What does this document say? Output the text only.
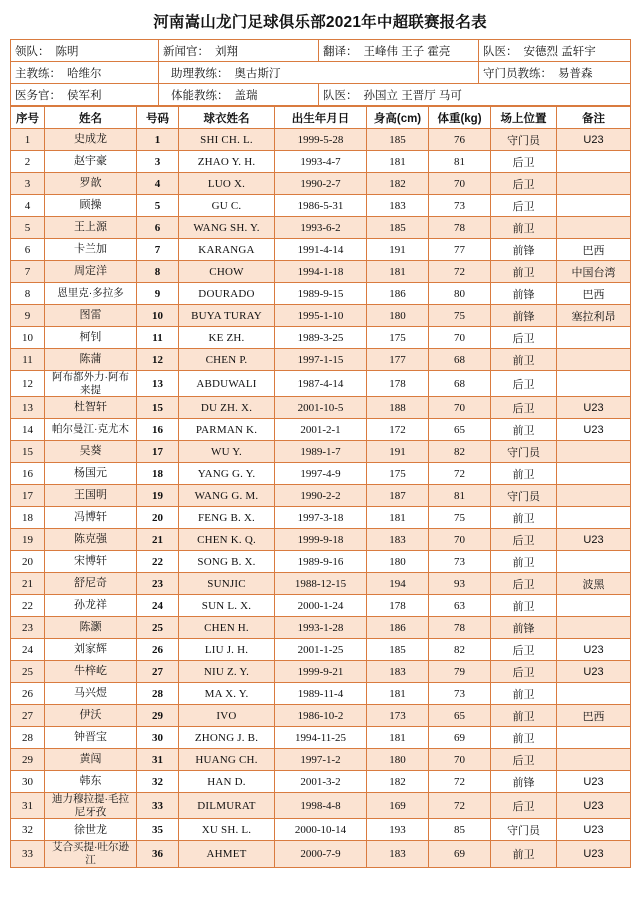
河南嵩山龙门足球俱乐部2021年中超联赛报名表
领队： 陈明	新闻官： 刘翔	翻译： 王峰伟 王子 霍亮	队医： 安德烈 孟轩宇
主教练： 哈维尔	助理教练： 奥古斯汀		守门员教练： 易普森
医务官： 侯军利	体能教练： 盖瑞	队医： 孙国立 王晋厅 马可	
序号	姓名	号码	球衣姓名	出生年月日	身高(cm)	体重(kg)	场上位置	备注
1	史成龙	1	SHI CH. L.	1999-5-28	185	76	守门员	U23
2	赵宇豪	3	ZHAO Y. H.	1993-4-7	181	81	后卫	
3	罗歆	4	LUO X.	1990-2-7	182	70	后卫	
4	顾操	5	GU C.	1986-5-31	183	73	后卫	
5	王上源	6	WANG SH. Y.	1993-6-2	185	78	前卫	
6	卡兰加	7	KARANGA	1991-4-14	191	77	前锋	巴西
7	周定洋	8	CHOW	1994-1-18	181	72	前卫	中国台湾
8	恩里克·多拉多	9	DOURADO	1989-9-15	186	80	前锋	巴西
9	图雷	10	BUYA TURAY	1995-1-10	180	75	前锋	塞拉利昂
10	柯钊	11	KE ZH.	1989-3-25	175	70	后卫	
11	陈蒲	12	CHEN P.	1997-1-15	177	68	前卫	
12	阿布都外力·阿布来提	13	ABDUWALI	1987-4-14	178	68	后卫	
13	杜智轩	15	DU ZH. X.	2001-10-5	188	70	后卫	U23
14	帕尔曼江·克尤木	16	PARMAN K.	2001-2-1	172	65	前卫	U23
15	吴葵	17	WU Y.	1989-1-7	191	82	守门员	
16	杨国元	18	YANG G. Y.	1997-4-9	175	72	前卫	
17	王国明	19	WANG G. M.	1990-2-2	187	81	守门员	
18	冯博轩	20	FENG B. X.	1997-3-18	181	75	前卫	
19	陈克强	21	CHEN K. Q.	1999-9-18	183	70	后卫	U23
20	宋博轩	22	SONG B. X.	1989-9-16	180	73	前卫	
21	舒尼奇	23	SUNJIC	1988-12-15	194	93	后卫	波黑
22	孙龙祥	24	SUN L. X.	2000-1-24	178	63	前卫	
23	陈灏	25	CHEN H.	1993-1-28	186	78	前锋	
24	刘家辉	26	LIU J. H.	2001-1-25	185	82	后卫	U23
25	牛梓屹	27	NIU Z. Y.	1999-9-21	183	79	后卫	U23
26	马兴煜	28	MA X. Y.	1989-11-4	181	73	前卫	
27	伊沃	29	IVO	1986-10-2	173	65	前卫	巴西
28	钟晋宝	30	ZHONG J. B.	1994-11-25	181	69	前卫	
29	黄闯	31	HUANG CH.	1997-1-2	180	70	后卫	
30	韩东	32	HAN D.	2001-3-2	182	72	前锋	U23
31	迪力穆拉提·毛拉尼牙孜	33	DILMURAT	1998-4-8	169	72	后卫	U23
32	徐世龙	35	XU SH. L.	2000-10-14	193	85	守门员	U23
33	艾合买提·吐尔逊江	36	AHMET	2000-7-9	183	69	前卫	U23
